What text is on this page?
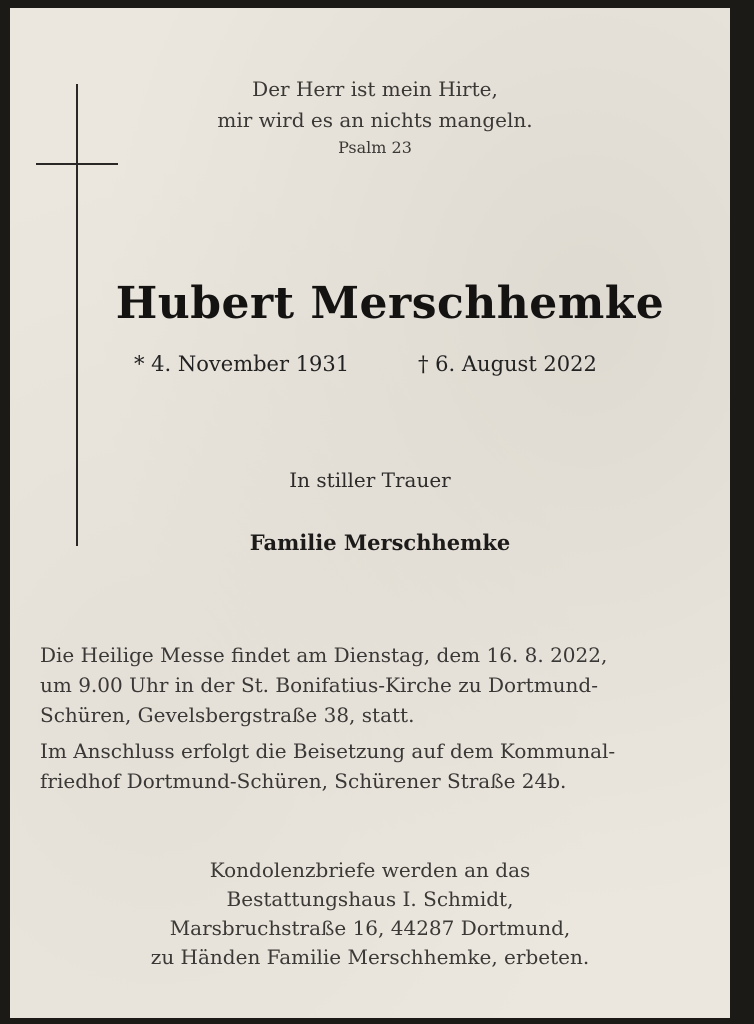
Der Herr ist mein Hirte,
mir wird es an nichts mangeln.
Psalm 23
Hubert Merschhemke
* 4. November 1931	† 6. August 2022
In stiller Trauer
Familie Merschhemke
Die Heilige Messe findet am Dienstag, dem 16. 8. 2022,
um 9.00 Uhr in der St. Bonifatius-Kirche zu Dortmund-
Schüren, Gevelsbergstraße 38, statt.
Im Anschluss erfolgt die Beisetzung auf dem Kommunal-
friedhof Dortmund-Schüren, Schürener Straße 24b.
Kondolenzbriefe werden an das
Bestattungshaus I. Schmidt,
Marsbruchstraße 16, 44287 Dortmund,
zu Händen Familie Merschhemke, erbeten.
